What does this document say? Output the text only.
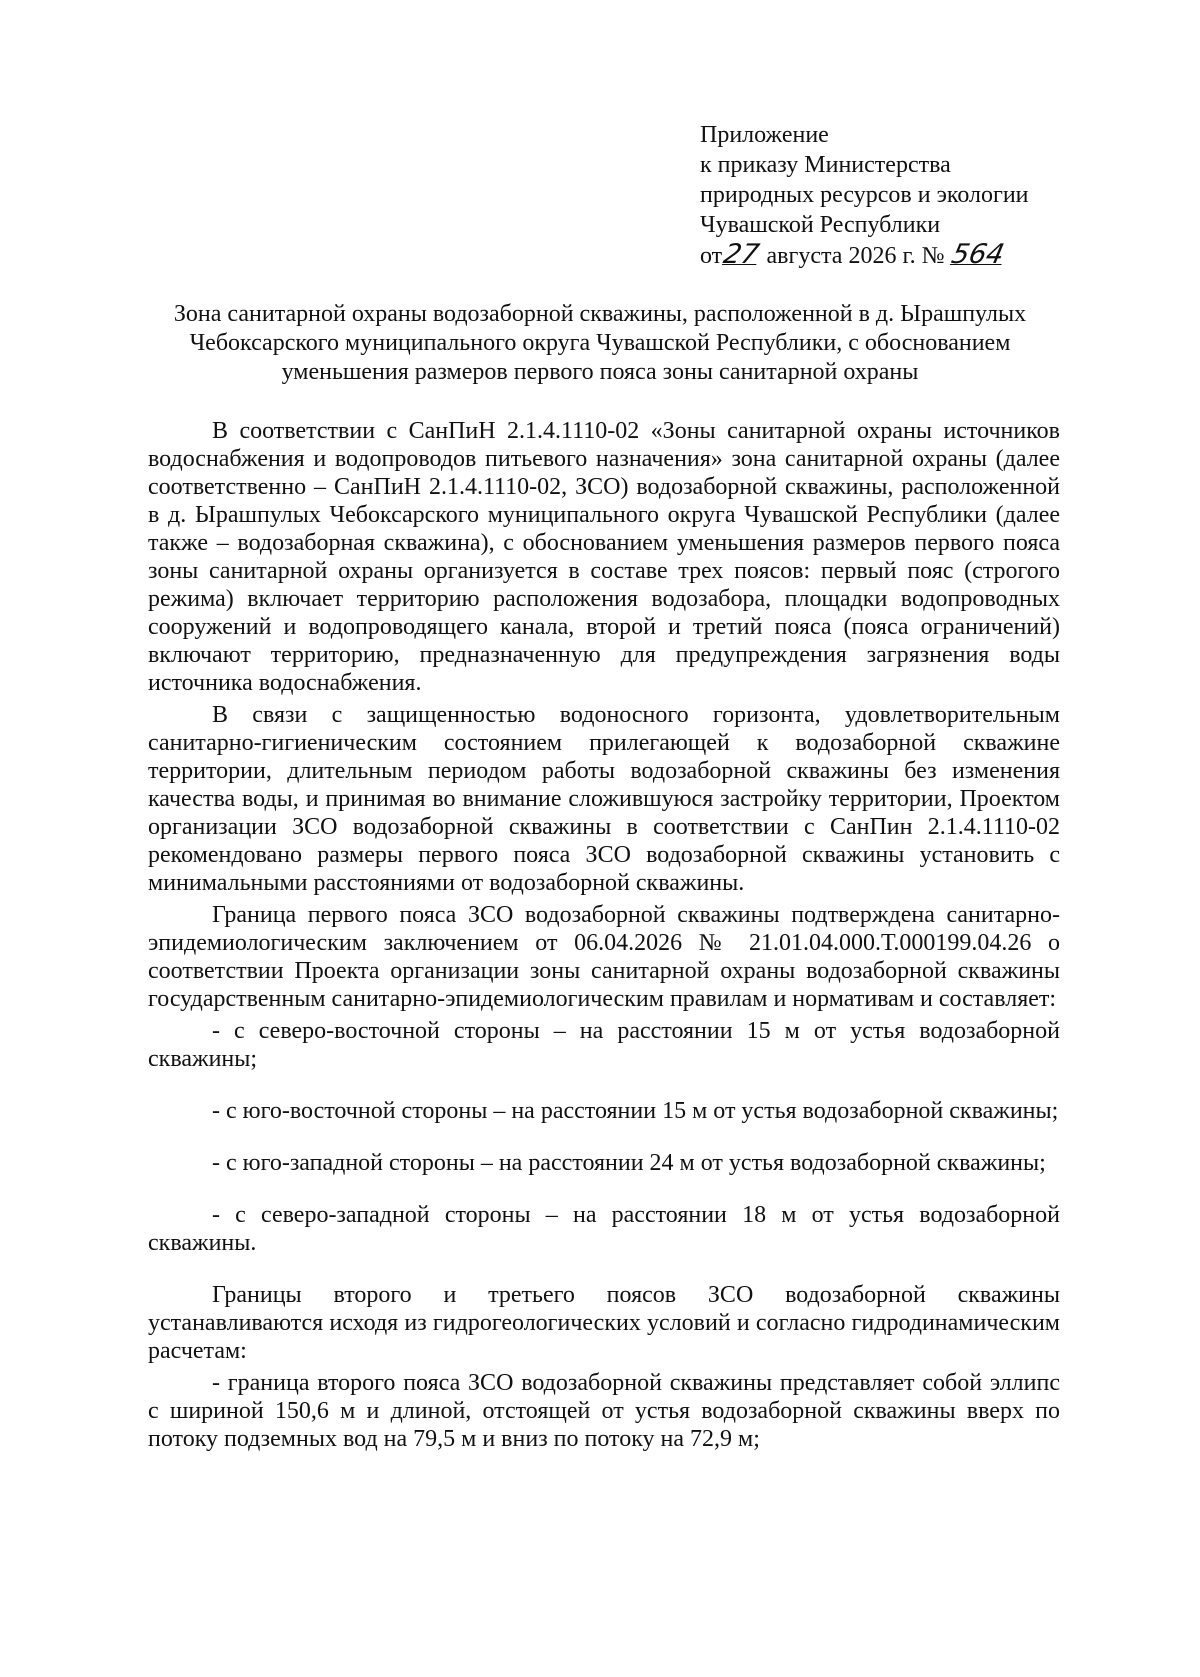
Приложение
к приказу Министерства
природных ресурсов и экологии
Чувашской Республики
от27 августа 2026 г. № 564
Зона санитарной охраны водозаборной скважины, расположенной в д. Ырашпулых Чебоксарского муниципального округа Чувашской Республики, с обоснованием уменьшения размеров первого пояса зоны санитарной охраны

В соответствии с СанПиН 2.1.4.1110-02 «Зоны санитарной охраны источников водоснабжения и водопроводов питьевого назначения» зона санитарной охраны (далее соответственно – СанПиН 2.1.4.1110-02, ЗСО) водозаборной скважины, расположенной в д. Ырашпулых Чебоксарского муниципального округа Чувашской Республики (далее также – водозаборная скважина), с обоснованием уменьшения размеров первого пояса зоны санитарной охраны организуется в составе трех поясов: первый пояс (строгого режима) включает территорию расположения водозабора, площадки водопроводных сооружений и водопроводящего канала, второй и третий пояса (пояса ограничений) включают территорию, предназначенную для предупреждения загрязнения воды источника водоснабжения.

В связи с защищенностью водоносного горизонта, удовлетворительным санитарно-гигиеническим состоянием прилегающей к водозаборной скважине территории, длительным периодом работы водозаборной скважины без изменения качества воды, и принимая во внимание сложившуюся застройку территории, Проектом организации ЗСО водозаборной скважины в соответствии с СанПин 2.1.4.1110-02 рекомендовано размеры первого пояса ЗСО водозаборной скважины установить с минимальными расстояниями от водозаборной скважины.

Граница первого пояса ЗСО водозаборной скважины подтверждена санитарно-эпидемиологическим заключением от 06.04.2026 № 21.01.04.000.Т.000199.04.26 о соответствии Проекта организации зоны санитарной охраны водозаборной скважины государственным санитарно-эпидемиологическим правилам и нормативам и составляет:

- с северо-восточной стороны – на расстоянии 15 м от устья водозаборной скважины;

- с юго-восточной стороны – на расстоянии 15 м от устья водозаборной скважины;

- с юго-западной стороны – на расстоянии 24 м от устья водозаборной скважины;

- с северо-западной стороны – на расстоянии 18 м от устья водозаборной скважины.

Границы второго и третьего поясов ЗСО водозаборной скважины устанавливаются исходя из гидрогеологических условий и согласно гидродинамическим расчетам:

- граница второго пояса ЗСО водозаборной скважины представляет собой эллипс с шириной 150,6 м и длиной, отстоящей от устья водозаборной скважины вверх по потоку подземных вод на 79,5 м и вниз по потоку на 72,9 м;
